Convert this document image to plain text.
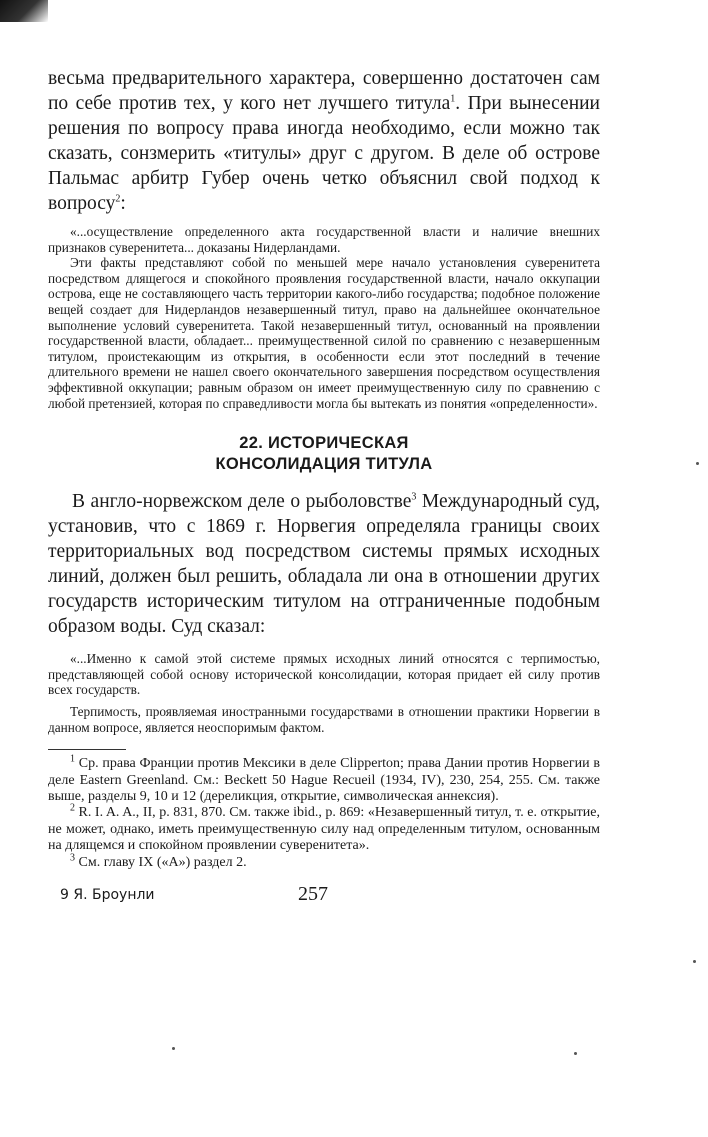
весьма предварительного характера, совершенно достаточен сам по себе против тех, у кого нет лучшего титула$^1$. При вынесении решения по вопросу права иногда необходимо, если можно так сказать, сонзмерить «титулы» друг с другом. В деле об острове Пальмас арбитр Губер очень четко объяснил свой подход к вопросу$^2$:

«...осуществление определенного акта государственной власти и наличие внешних признаков суверенитета... доказаны Нидерландами.

Эти факты представляют собой по меньшей мере начало установления суверенитета посредством длящегося и спокойного проявления государственной власти, начало оккупации острова, еще не составляющего часть территории какого-либо государства; подобное положение вещей создает для Нидерландов незавершенный титул, право на дальнейшее окончательное выполнение условий суверенитета. Такой незавершенный титул, основанный на проявлении государственной власти, обладает... преимущественной силой по сравнению с незавершенным титулом, проистекающим из открытия, в особенности если этот последний в течение длительного времени не нашел своего окончательного завершения посредством осуществления эффективной оккупации; равным образом он имеет преимущественную силу по сравнению с любой претензией, которая по справедливости могла бы вытекать из понятия «определенности».

22. ИСТОРИЧЕСКАЯ
КОНСОЛИДАЦИЯ ТИТУЛА

В англо-норвежском деле о рыболовстве$^3$ Международный суд, установив, что с 1869 г. Норвегия определяла границы своих территориальных вод посредством системы прямых исходных линий, должен был решить, обладала ли она в отношении других государств историческим титулом на отграниченные подобным образом воды. Суд сказал:

«...Именно к самой этой системе прямых исходных линий относятся с терпимостью, представляющей собой основу исторической консолидации, которая придает ей силу против всех государств.

Терпимость, проявляемая иностранными государствами в отношении практики Норвегии в данном вопросе, является неоспоримым фактом.

$^1$ Ср. права Франции против Мексики в деле Clipperton; права Дании против Норвегии в деле Eastern Greenland. См.: Beckett 50 Hague Recueil (1934, IV), 230, 254, 255. См. также выше, разделы 9, 10 и 12 (дереликция, открытие, символическая аннексия).

$^2$ R. I. A. A., II, p. 831, 870. См. также ibid., p. 869: «Незавершенный титул, т. е. открытие, не может, однако, иметь преимущественную силу над определенным титулом, основанным на длящемся и спокойном проявлении суверенитета».

$^3$ См. главу IX («А») раздел 2.

9 Я. Броунли	257
